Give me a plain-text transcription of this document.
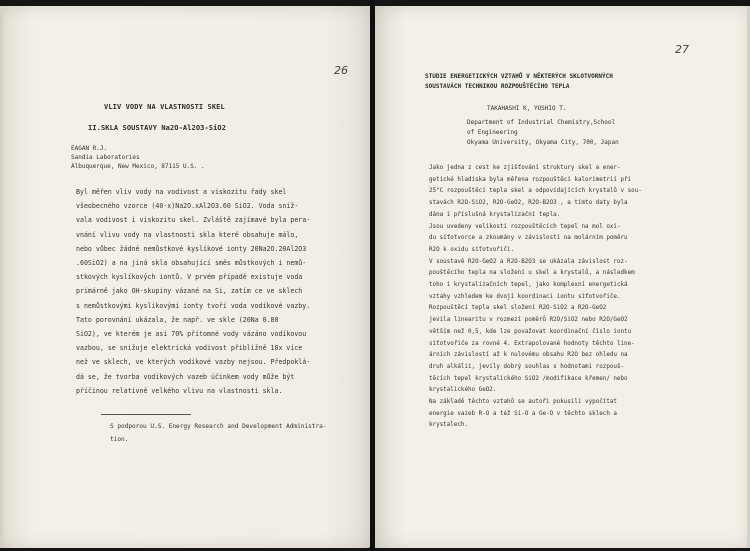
26
VLIV VODY NA VLASTNOSTI SKEL
II.SKLA SOUSTAVY Na2O-Al2O3-SiO2
EAGAN R.J.
Sandia Laboratories
Albuquerque, New Mexico, 87115 U.S. .
Byl měřen vliv vody na vodivost a viskozitu řady skel
všeobecného vzorce (40-x)Na2O.xAl2O3.60 SiO2. Voda sniž-
vala vodivost i viskozitu skel. Zvláště zajímavé byla pera-
vnání vlivu vody na vlastnosti skla které obsahuje málo,
nebo vůbec žádné nemůstkové kyslíkové ionty 20Na2O.20Al2O3
.60SiO2) a na jiná skla obsahující směs můstkových i nemů-
stkových kyslíkových iontů. V prvém případě existuje voda
primárně jako OH-skupiny vázané na Si, zatím ce ve sklech
s nemůstkovými kyslíkovými ionty tvoří voda vodíkové vazby.
Tato porovnání ukázala, že např. ve skle (20Na 0.80
SiO2), ve kterém je asi 70% přítomné vody vázáno vodíkovou
vazbou, se snižuje elektrická vodivost přibližně 10x více
než ve sklech, ve kterých vodíkové vazby nejsou. Předpoklá-
dá se, že tvorba vodíkových vazeb účinkem vody může být
příčinou relativně velkého vlivu na vlastnosti skla.
S podporou U.S. Energy Research and Development Administra-
tion.
27
STUDIE ENERGETICKÝCH VZTAHŮ V NĚKTERÝCH SKLOTVORNÝCH
SOUSTAVÁCH TECHNIKOU ROZPOUŠTĚCÍHO TEPLA
TAKAHASHI K, YOSHIO T.
Department of Industrial Chemistry,School
of Engineering
Okyama University, Okyama City, 700, Japan
Jako jedna z cest ke zjišťování struktury skel a ener-
getické hladiska byla měřena rozpouštěcí kalorimetrií při
25°C rozpouštěcí tepla skel a odpovídajících krystalů v sou-
stavách R2O-SiO2, R2O-GeO2, R2O-B2O3 , a tímto daty byla
dána i příslušná krystalizační tepla.
Jsou uvedeny velikosti rozpouštěcích tepel na mol oxi-
du síťotvorce a zkoumány v závislosti na molárním poměru
R2O k oxidu síťotvořiči.
V soustavě R2O-GeO2 a R2O-B2O3 se ukázala závislost roz-
pouštěcího tepla na složení u skel a krystalů, a následkem
toho i krystalizačních tepel, jako komplexní energetická
vztahy vzhledem ke dvojí koordinaci iontu síťotvořiče.
Rozpouštěcí tepla skel složení R2O-SiO2 a R2O-GeO2
jevila linearitu v rozmezí poměrů R2O/SiO2 nebo R2O/GeO2
větším než 0,5, kde lze považovat koordinační číslo iontu
síťotvořiče za rovné 4. Extrapolované hodnoty těchto line-
árních závislostí až k nulovému obsahu R2O bez ohledu na
druh alkálií, jevily dobrý souhlas s hodnotami rozpouš-
těcích tepel krystalického SiO2 /modifikace křemen/ nebo
krystalického GeO2.
Na základě těchto vztahů se autoři pokusili vypočítat
energie vazeb R-O a též Si-O a Ge-O v těchto sklech a
krystalech.
